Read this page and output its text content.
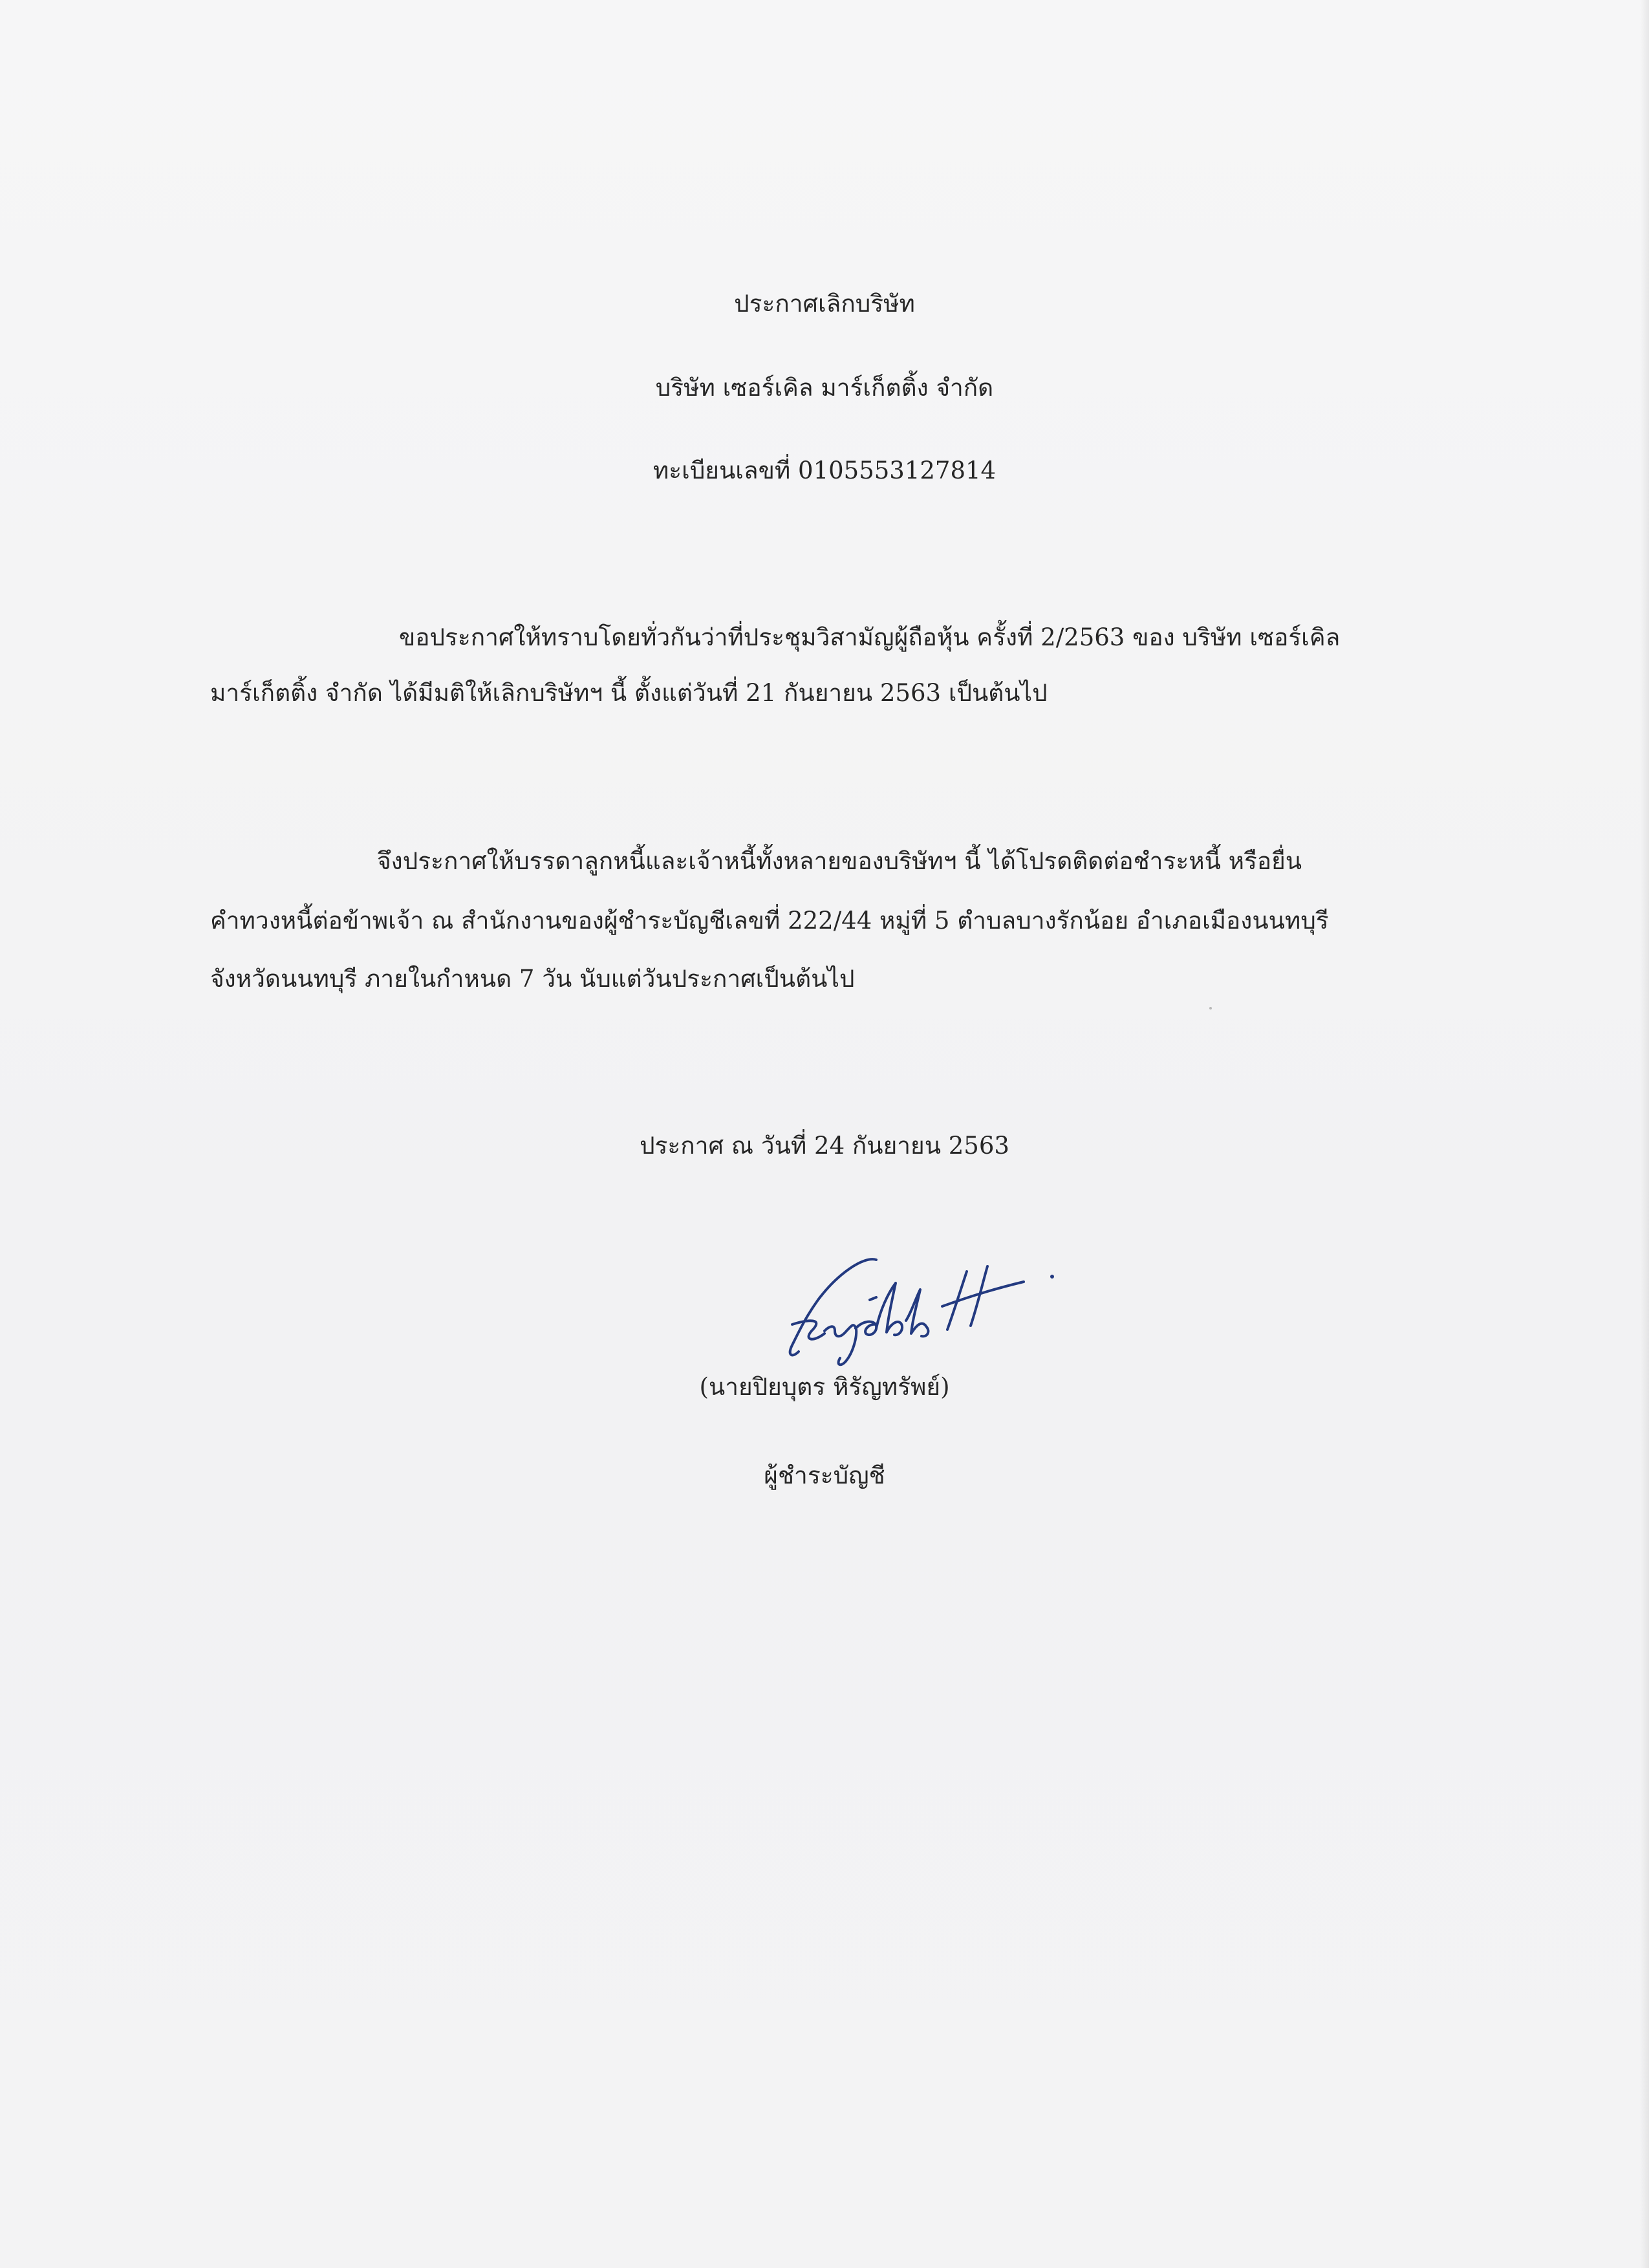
ประกาศเลิกบริษัท
บริษัท เซอร์เคิล มาร์เก็ตติ้ง จำกัด
ทะเบียนเลขที่ 0105553127814
ขอประกาศให้ทราบโดยทั่วกันว่าที่ประชุมวิสามัญผู้ถือหุ้น ครั้งที่ 2/2563 ของ บริษัท เซอร์เคิล
มาร์เก็ตติ้ง จำกัด ได้มีมติให้เลิกบริษัทฯ นี้ ตั้งแต่วันที่ 21 กันยายน 2563 เป็นต้นไป
จึงประกาศให้บรรดาลูกหนี้และเจ้าหนี้ทั้งหลายของบริษัทฯ นี้ ได้โปรดติดต่อชำระหนี้ หรือยื่น
คำทวงหนี้ต่อข้าพเจ้า ณ สำนักงานของผู้ชำระบัญชีเลขที่ 222/44 หมู่ที่ 5 ตำบลบางรักน้อย อำเภอเมืองนนทบุรี
จังหวัดนนทบุรี ภายในกำหนด 7 วัน นับแต่วันประกาศเป็นต้นไป
ประกาศ ณ วันที่ 24 กันยายน 2563
(นายปิยบุตร หิรัญทรัพย์)
ผู้ชำระบัญชี
